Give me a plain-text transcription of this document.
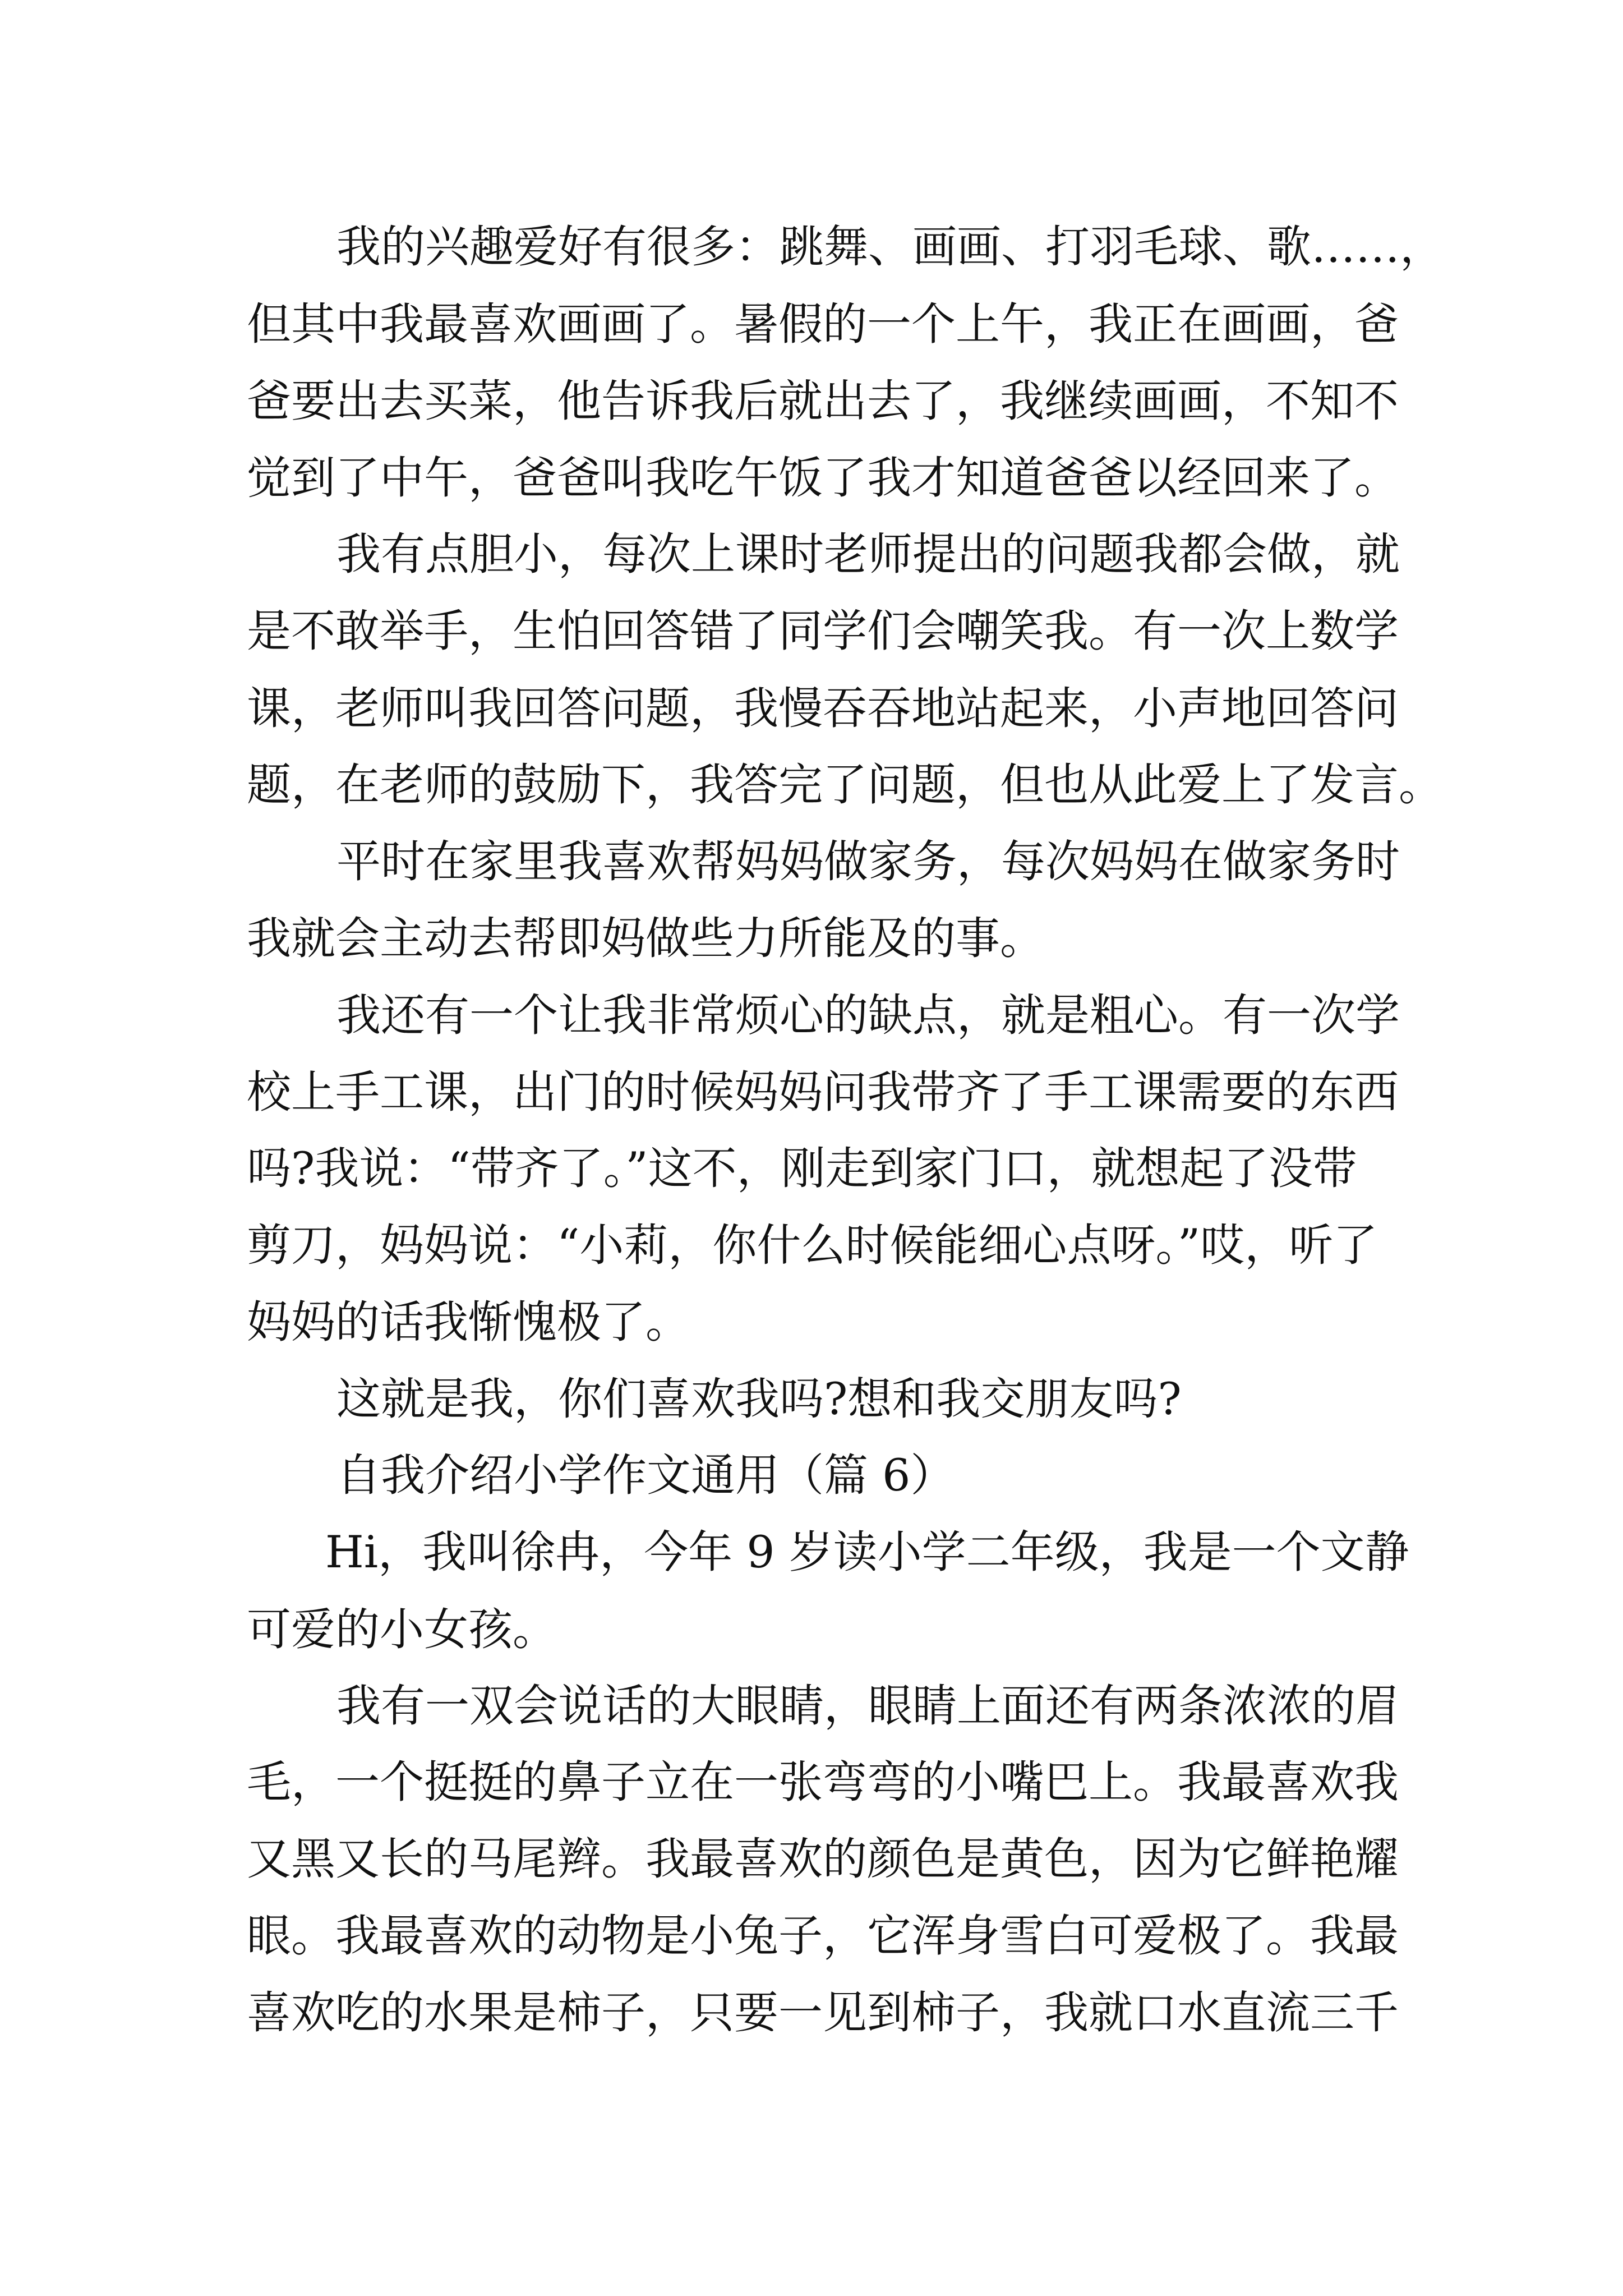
我的兴趣爱好有很多：跳舞、画画、打羽毛球、歌……，
但其中我最喜欢画画了。暑假的一个上午，我正在画画，爸
爸要出去买菜，他告诉我后就出去了，我继续画画，不知不
觉到了中午，爸爸叫我吃午饭了我才知道爸爸以经回来了。
我有点胆小，每次上课时老师提出的问题我都会做，就
是不敢举手，生怕回答错了同学们会嘲笑我。有一次上数学
课，老师叫我回答问题，我慢吞吞地站起来，小声地回答问
题，在老师的鼓励下，我答完了问题，但也从此爱上了发言。
平时在家里我喜欢帮妈妈做家务，每次妈妈在做家务时
我就会主动去帮即妈做些力所能及的事。
我还有一个让我非常烦心的缺点，就是粗心。有一次学
校上手工课，出门的时候妈妈问我带齐了手工课需要的东西
吗?我说：“带齐了。”这不，刚走到家门口，就想起了没带
剪刀，妈妈说：“小莉，你什么时候能细心点呀。”哎，听了
妈妈的话我惭愧极了。
这就是我，你们喜欢我吗?想和我交朋友吗?
自我介绍小学作文通用（篇 6）
Hi，我叫徐冉，今年 9 岁读小学二年级，我是一个文静
可爱的小女孩。
我有一双会说话的大眼睛，眼睛上面还有两条浓浓的眉
毛，一个挺挺的鼻子立在一张弯弯的小嘴巴上。我最喜欢我
又黑又长的马尾辫。我最喜欢的颜色是黄色，因为它鲜艳耀
眼。我最喜欢的动物是小兔子，它浑身雪白可爱极了。我最
喜欢吃的水果是柿子，只要一见到柿子，我就口水直流三千
